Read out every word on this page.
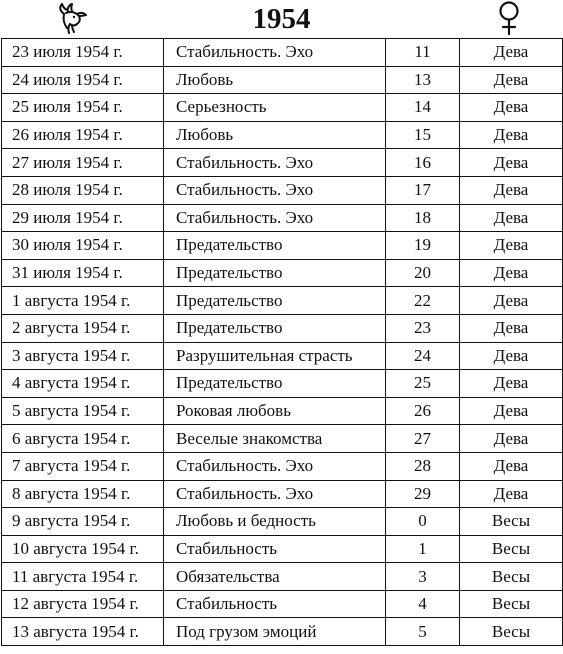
1954
23 июля 1954 г.	Стабильность. Эхо	11	Дева
24 июля 1954 г.	Любовь	13	Дева
25 июля 1954 г.	Серьезность	14	Дева
26 июля 1954 г.	Любовь	15	Дева
27 июля 1954 г.	Стабильность. Эхо	16	Дева
28 июля 1954 г.	Стабильность. Эхо	17	Дева
29 июля 1954 г.	Стабильность. Эхо	18	Дева
30 июля 1954 г.	Предательство	19	Дева
31 июля 1954 г.	Предательство	20	Дева
1 августа 1954 г.	Предательство	22	Дева
2 августа 1954 г.	Предательство	23	Дева
3 августа 1954 г.	Разрушительная страсть	24	Дева
4 августа 1954 г.	Предательство	25	Дева
5 августа 1954 г.	Роковая любовь	26	Дева
6 августа 1954 г.	Веселые знакомства	27	Дева
7 августа 1954 г.	Стабильность. Эхо	28	Дева
8 августа 1954 г.	Стабильность. Эхо	29	Дева
9 августа 1954 г.	Любовь и бедность	0	Весы
10 августа 1954 г.	Стабильность	1	Весы
11 августа 1954 г.	Обязательства	3	Весы
12 августа 1954 г.	Стабильность	4	Весы
13 августа 1954 г.	Под грузом эмоций	5	Весы
